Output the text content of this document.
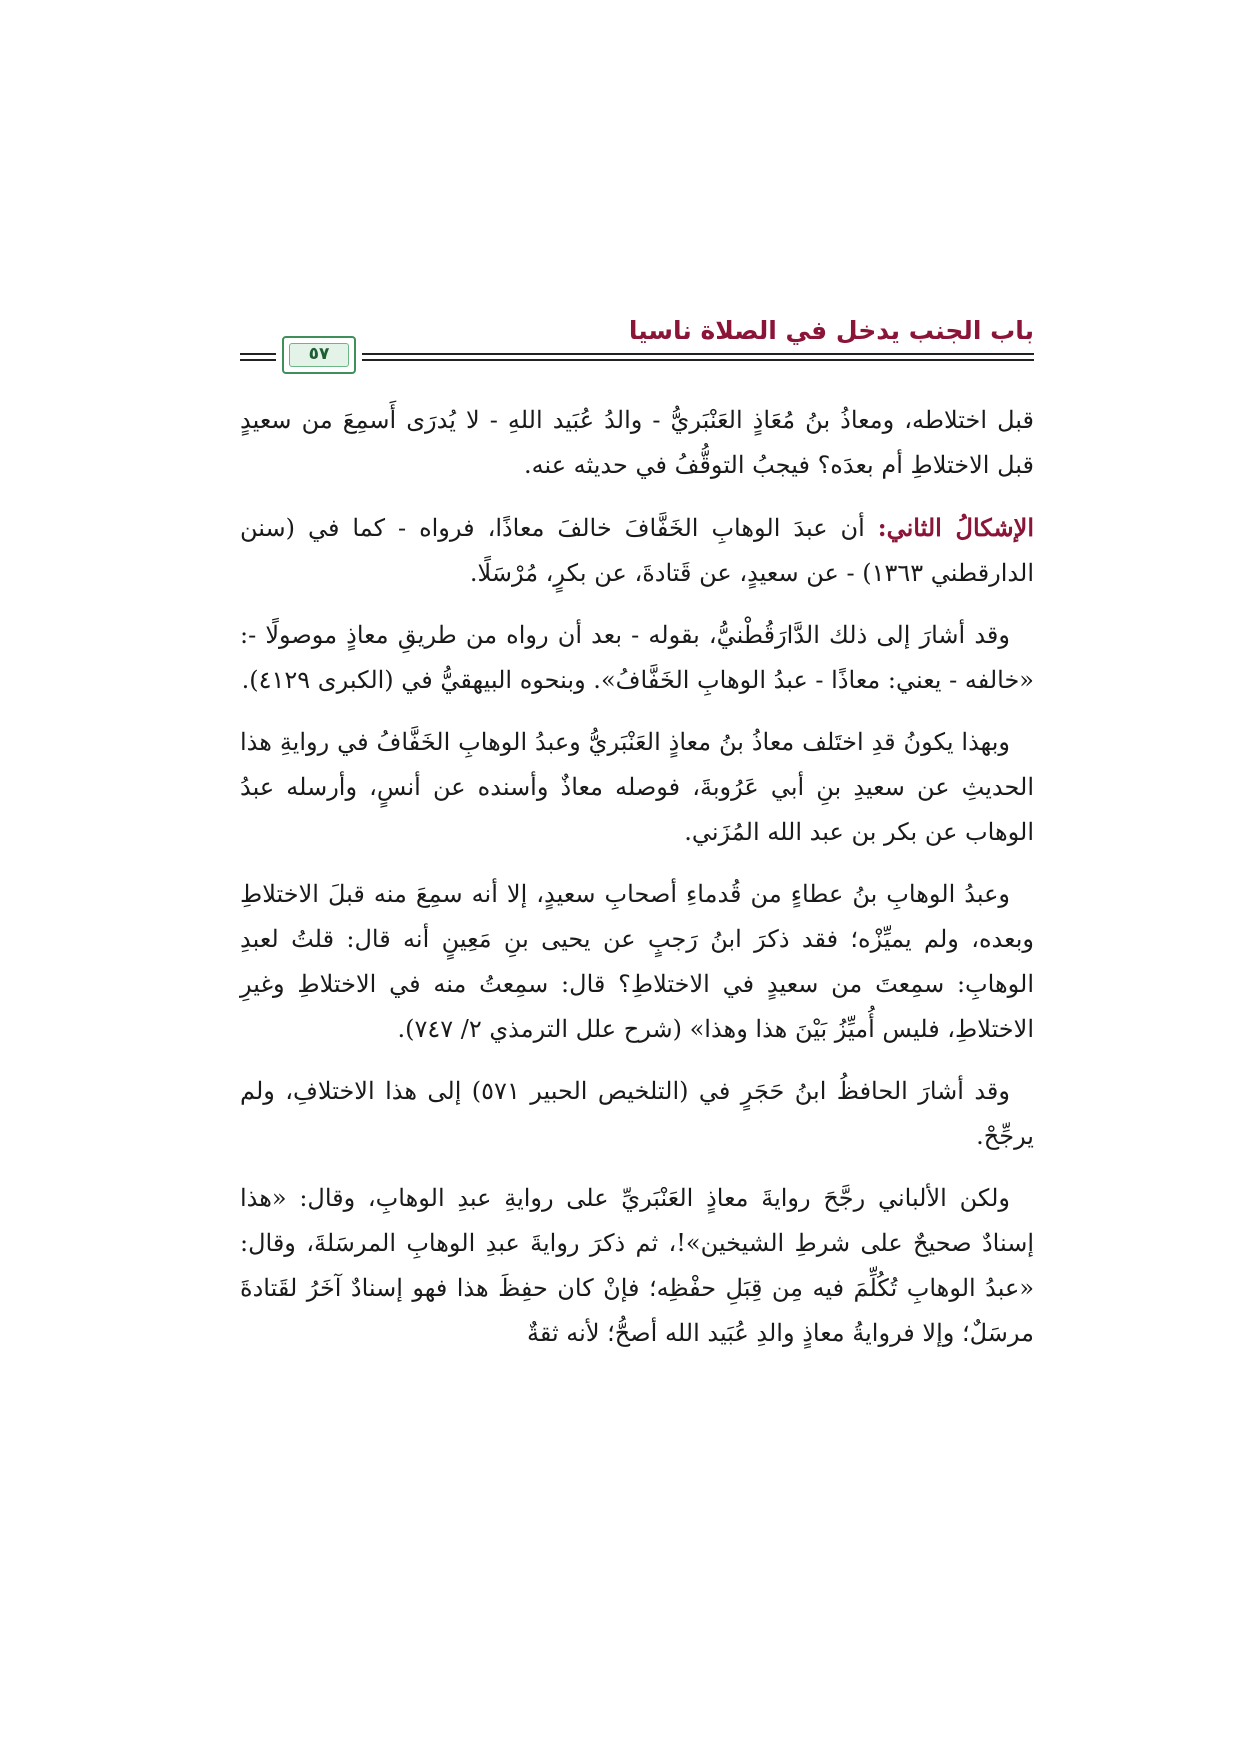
٥٧
باب الجنب يدخل في الصلاة ناسيا

قبل اختلاطه، ومعاذُ بنُ مُعَاذٍ العَنْبَريُّ - والدُ عُبَيد اللهِ - لا يُدرَى أَسمِعَ من سعيدٍ قبل الاختلاطِ أم بعدَه؟ فيجبُ التوقُّفُ في حديثه عنه.

الإشكالُ الثاني: أن عبدَ الوهابِ الخَفَّافَ خالفَ معاذًا، فرواه - كما في (سنن الدارقطني ١٣٦٣) - عن سعيدٍ، عن قَتادةَ، عن بكرٍ، مُرْسَلًا.

وقد أشارَ إلى ذلك الدَّارَقُطْنيُّ، بقوله - بعد أن رواه من طريقِ معاذٍ موصولًا -: «خالفه - يعني: معاذًا - عبدُ الوهابِ الخَفَّافُ». وبنحوه البيهقيُّ في (الكبرى ٤١٢٩).

وبهذا يكونُ قدِ اختَلف معاذُ بنُ معاذٍ العَنْبَريُّ وعبدُ الوهابِ الخَفَّافُ في روايةِ هذا الحديثِ عن سعيدِ بنِ أبي عَرُوبةَ، فوصله معاذٌ وأسنده عن أنسٍ، وأرسله عبدُ الوهاب عن بكر بن عبد الله المُزَني.

وعبدُ الوهابِ بنُ عطاءٍ من قُدماءِ أصحابِ سعيدٍ، إلا أنه سمِعَ منه قبلَ الاختلاطِ وبعده، ولم يميِّزْه؛ فقد ذكرَ ابنُ رَجبٍ عن يحيى بنِ مَعِينٍ أنه قال: قلتُ لعبدِ الوهابِ: سمِعتَ من سعيدٍ في الاختلاطِ؟ قال: سمِعتُ منه في الاختلاطِ وغيرِ الاختلاطِ، فليس أُميِّزُ بَيْنَ هذا وهذا» (شرح علل الترمذي ٢/ ٧٤٧).

وقد أشارَ الحافظُ ابنُ حَجَرٍ في (التلخيص الحبير ٥٧١) إلى هذا الاختلافِ، ولم يرجِّحْ.

ولكن الألباني رجَّحَ روايةَ معاذٍ العَنْبَريِّ على روايةِ عبدِ الوهابِ، وقال: «هذا إسنادٌ صحيحٌ على شرطِ الشيخين»!، ثم ذكرَ روايةَ عبدِ الوهابِ المرسَلةَ، وقال: «عبدُ الوهابِ تُكُلِّمَ فيه مِن قِبَلِ حفْظِه؛ فإنْ كان حفِظَ هذا فهو إسنادٌ آخَرُ لقَتادةَ مرسَلٌ؛ وإلا فروايةُ معاذٍ والدِ عُبَيد الله أصحُّ؛ لأنه ثقةٌ
